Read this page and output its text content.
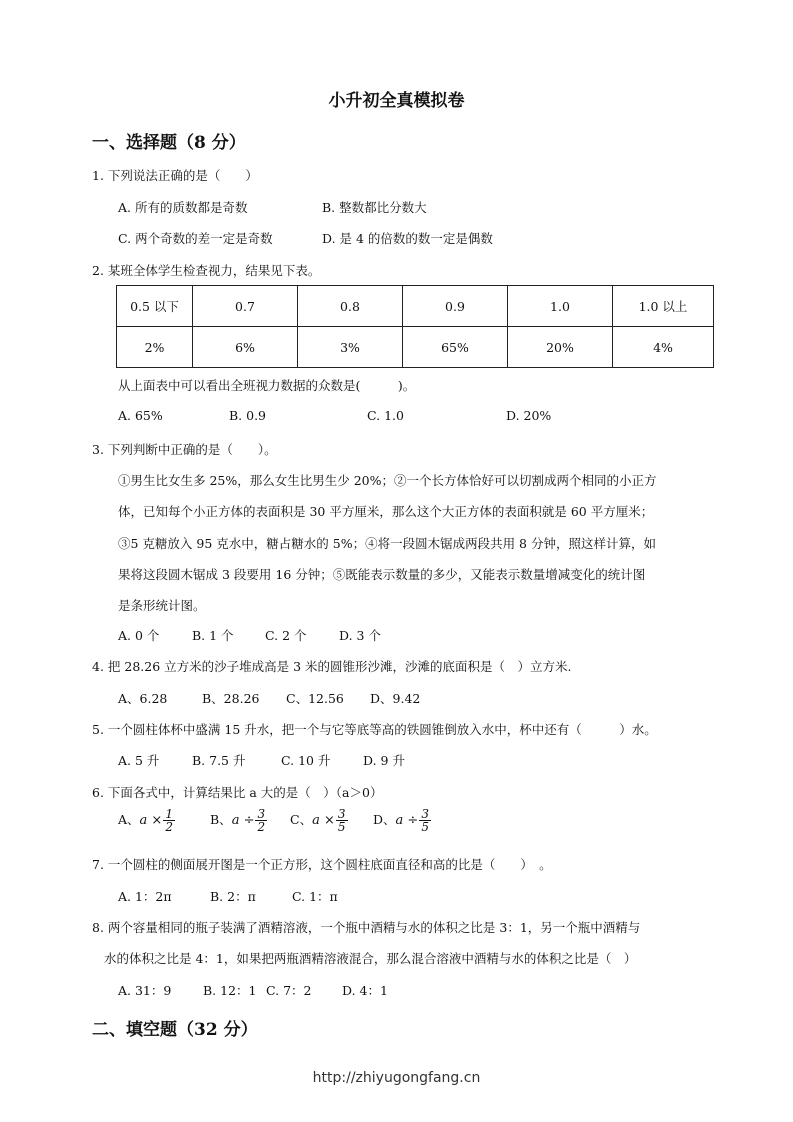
小升初全真模拟卷
一、选择题（8 分）
1. 下列说法正确的是（　　）
A. 所有的质数都是奇数	B. 整数都比分数大
C. 两个奇数的差一定是奇数	D. 是 4 的倍数的数一定是偶数
2. 某班全体学生检查视力，结果见下表。
0.5 以下	0.7	0.8	0.9	1.0	1.0 以上
2%	6%	3%	65%	20%	4%
从上面表中可以看出全班视力数据的众数是(　　　)。
A. 65%	B. 0.9	C. 1.0	D. 20%
3. 下列判断中正确的是（　　）。
①男生比女生多 25%，那么女生比男生少 20%；②一个长方体恰好可以切割成两个相同的小正方
体，已知每个小正方体的表面积是 30 平方厘米，那么这个大正方体的表面积就是 60 平方厘米；
③5 克糖放入 95 克水中，糖占糖水的 5%；④将一段圆木锯成两段共用 8 分钟，照这样计算，如
果将这段圆木锯成 3 段要用 16 分钟；⑤既能表示数量的多少，又能表示数量增减变化的统计图
是条形统计图。
A. 0 个	B. 1 个	C. 2 个	D. 3 个
4. 把 28.26 立方米的沙子堆成高是 3 米的圆锥形沙滩，沙滩的底面积是（　）立方米.
A、6.28	B、28.26 C、12.56 D、9.42
5. 一个圆柱体杯中盛满 15 升水，把一个与它等底等高的铁圆锥倒放入水中，杯中还有（　　　）水。
A. 5 升	B. 7.5 升	C. 10 升	D. 9 升
6. 下面各式中，计算结果比 a 大的是（　）（a＞0）
A、$a \times \frac{1}{2}$	B、$a \div \frac{3}{2}$ C、$a \times \frac{3}{5}$ D、$a \div \frac{3}{5}$
7. 一个圆柱的侧面展开图是一个正方形，这个圆柱底面直径和高的比是（　　）　。
A. 1：2π	B. 2：π	C. 1：π
8. 两个容量相同的瓶子装满了酒精溶液，一个瓶中酒精与水的体积之比是 3：1，另一个瓶中酒精与
水的体积之比是 4：1，如果把两瓶酒精溶液混合，那么混合溶液中酒精与水的体积之比是（　）
A. 31：9	B. 12：1 C. 7：2 D. 4：1
二、填空题（32 分）
http://zhiyugongfang.cn
